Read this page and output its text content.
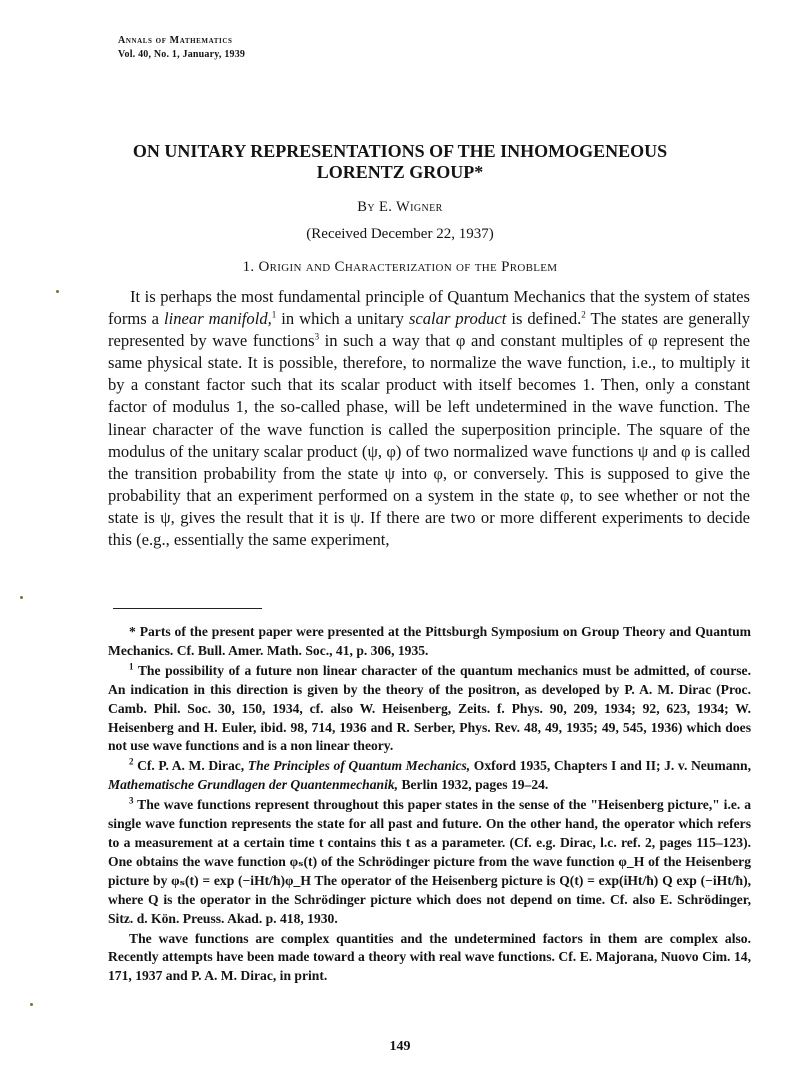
Annals of Mathematics
Vol. 40, No. 1, January, 1939
ON UNITARY REPRESENTATIONS OF THE INHOMOGENEOUS
LORENTZ GROUP*
By E. Wigner
(Received December 22, 1937)
1. Origin and Characterization of the Problem

It is perhaps the most fundamental principle of Quantum Mechanics that the system of states forms a linear manifold,$^1$ in which a unitary scalar product is defined.$^2$ The states are generally represented by wave functions$^3$ in such a way that φ and constant multiples of φ represent the same physical state. It is possible, therefore, to normalize the wave function, i.e., to multiply it by a constant factor such that its scalar product with itself becomes 1. Then, only a constant factor of modulus 1, the so-called phase, will be left undetermined in the wave function. The linear character of the wave function is called the superposition principle. The square of the modulus of the unitary scalar product (ψ, φ) of two normalized wave functions ψ and φ is called the transition probability from the state ψ into φ, or conversely. This is supposed to give the probability that an experiment performed on a system in the state φ, to see whether or not the state is ψ, gives the result that it is ψ. If there are two or more different experiments to decide this (e.g., essentially the same experiment,

* Parts of the present paper were presented at the Pittsburgh Symposium on Group Theory and Quantum Mechanics. Cf. Bull. Amer. Math. Soc., 41, p. 306, 1935.

$^1$ The possibility of a future non linear character of the quantum mechanics must be admitted, of course. An indication in this direction is given by the theory of the positron, as developed by P. A. M. Dirac (Proc. Camb. Phil. Soc. 30, 150, 1934, cf. also W. Heisenberg, Zeits. f. Phys. 90, 209, 1934; 92, 623, 1934; W. Heisenberg and H. Euler, ibid. 98, 714, 1936 and R. Serber, Phys. Rev. 48, 49, 1935; 49, 545, 1936) which does not use wave functions and is a non linear theory.

$^2$ Cf. P. A. M. Dirac, The Principles of Quantum Mechanics, Oxford 1935, Chapters I and II; J. v. Neumann, Mathematische Grundlagen der Quantenmechanik, Berlin 1932, pages 19–24.

$^3$ The wave functions represent throughout this paper states in the sense of the "Heisenberg picture," i.e. a single wave function represents the state for all past and future. On the other hand, the operator which refers to a measurement at a certain time t contains this t as a parameter. (Cf. e.g. Dirac, l.c. ref. 2, pages 115–123). One obtains the wave function φₛ(t) of the Schrödinger picture from the wave function φ_H of the Heisenberg picture by φₛ(t) = exp (−iHt/ħ)φ_H The operator of the Heisenberg picture is Q(t) = exp(iHt/ħ) Q exp (−iHt/ħ), where Q is the operator in the Schrödinger picture which does not depend on time. Cf. also E. Schrödinger, Sitz. d. Kön. Preuss. Akad. p. 418, 1930.

The wave functions are complex quantities and the undetermined factors in them are complex also. Recently attempts have been made toward a theory with real wave functions. Cf. E. Majorana, Nuovo Cim. 14, 171, 1937 and P. A. M. Dirac, in print.

149
